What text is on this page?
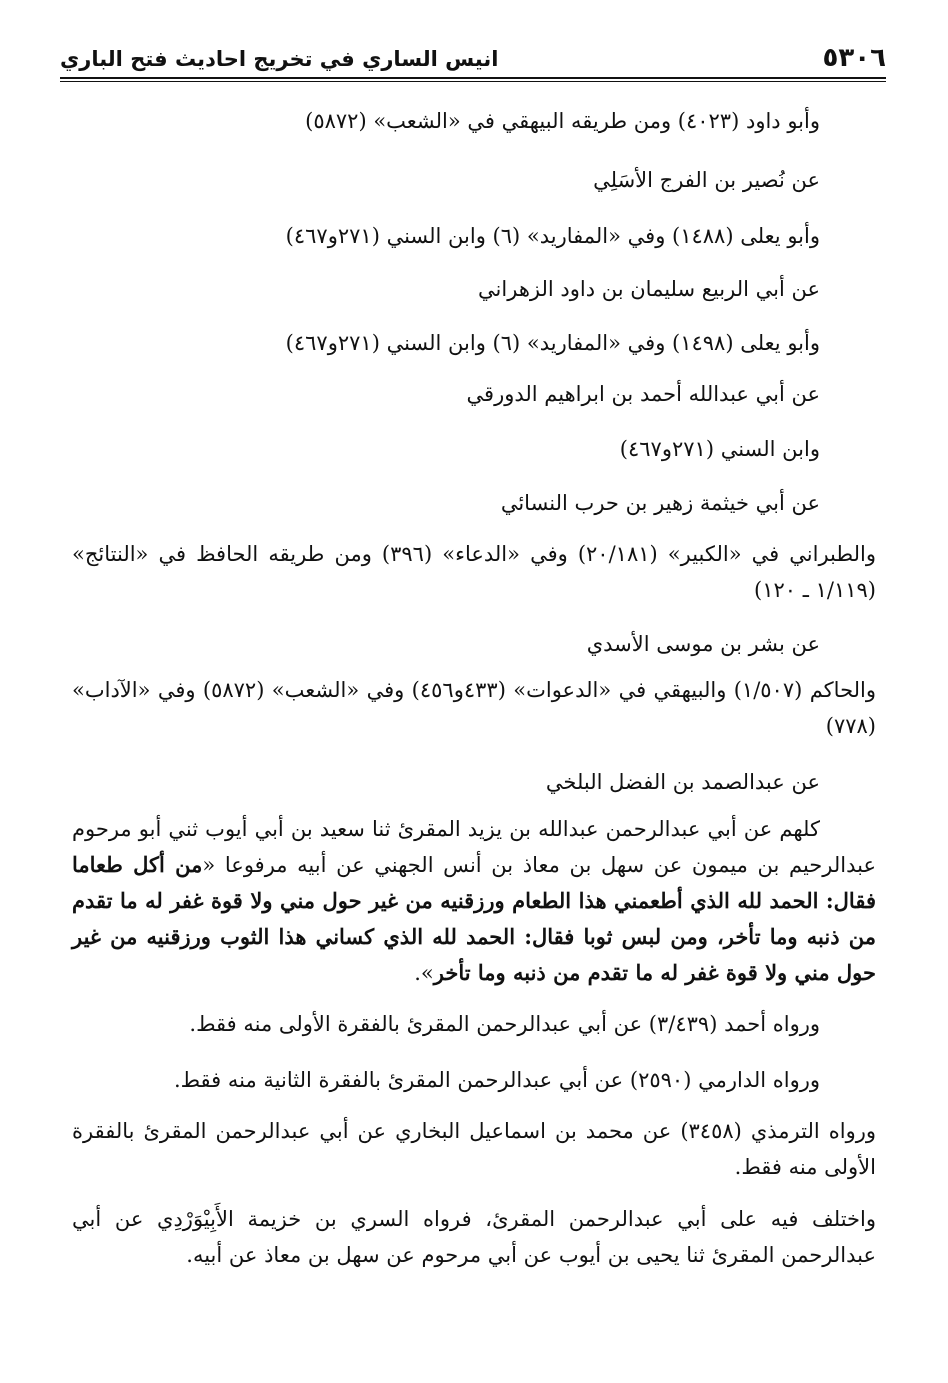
٥٣٠٦
انيس الساري في تخريج احاديث فتح الباري
وأبو داود (٤٠٢٣) ومن طريقه البيهقي في «الشعب» (٥٨٧٢)
عن نُصير بن الفرج الأسَلِي
وأبو يعلى (١٤٨٨) وفي «المفاريد» (٦) وابن السني (٢٧١و٤٦٧)
عن أبي الربيع سليمان بن داود الزهراني
وأبو يعلى (١٤٩٨) وفي «المفاريد» (٦) وابن السني (٢٧١و٤٦٧)
عن أبي عبدالله أحمد بن ابراهيم الدورقي
وابن السني (٢٧١و٤٦٧)
عن أبي خيثمة زهير بن حرب النسائي
والطبراني في «الكبير» (٢٠/١٨١) وفي «الدعاء» (٣٩٦) ومن طريقه الحافظ في «النتائج» (١/١١٩ ـ ١٢٠)
عن بشر بن موسى الأسدي
والحاكم (١/٥٠٧) والبيهقي في «الدعوات» (٤٣٣و٤٥٦) وفي «الشعب» (٥٨٧٢) وفي «الآداب» (٧٧٨)
عن عبدالصمد بن الفضل البلخي
كلهم عن أبي عبدالرحمن عبدالله بن يزيد المقرئ ثنا سعيد بن أبي أيوب ثني أبو مرحوم عبدالرحيم بن ميمون عن سهل بن معاذ بن أنس الجهني عن أبيه مرفوعا «من أكل طعاما فقال: الحمد لله الذي أطعمني هذا الطعام ورزقنيه من غير حول مني ولا قوة غفر له ما تقدم من ذنبه وما تأخر، ومن لبس ثوبا فقال: الحمد لله الذي كساني هذا الثوب ورزقنيه من غير حول مني ولا قوة غفر له ما تقدم من ذنبه وما تأخر».
ورواه أحمد (٣/٤٣٩) عن أبي عبدالرحمن المقرئ بالفقرة الأولى منه فقط.
ورواه الدارمي (٢٥٩٠) عن أبي عبدالرحمن المقرئ بالفقرة الثانية منه فقط.
ورواه الترمذي (٣٤٥٨) عن محمد بن اسماعيل البخاري عن أبي عبدالرحمن المقرئ بالفقرة الأولى منه فقط.
واختلف فيه على أبي عبدالرحمن المقرئ، فرواه السري بن خزيمة الأَبِيْوَرْدِي عن أبي عبدالرحمن المقرئ ثنا يحيى بن أيوب عن أبي مرحوم عن سهل بن معاذ عن أبيه.
